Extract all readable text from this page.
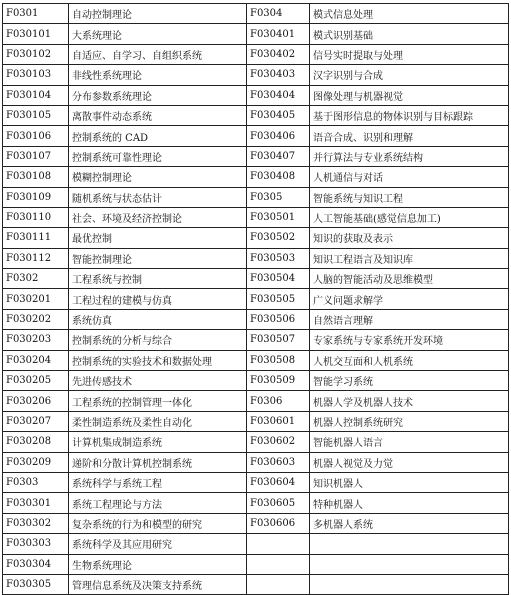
F0301	自动控制理论	F0304	模式信息处理
F030101	大系统理论	F030401	模式识别基础
F030102	自适应、自学习、自组织系统	F030402	信号实时提取与处理
F030103	非线性系统理论	F030403	汉字识别与合成
F030104	分布参数系统理论	F030404	图像处理与机器视觉
F030105	离散事件动态系统	F030405	基于图形信息的物体识别与目标跟踪
F030106	控制系统的 CAD	F030406	语音合成、识别和理解
F030107	控制系统可靠性理论	F030407	并行算法与专业系统结构
F030108	模糊控制理论	F030408	人机通信与对话
F030109	随机系统与状态估计	F0305	智能系统与知识工程
F030110	社会、环境及经济控制论	F030501	人工智能基础(感觉信息加工)
F030111	最优控制	F030502	知识的获取及表示
F030112	智能控制理论	F030503	知识工程语言及知识库
F0302	工程系统与控制	F030504	人脑的智能活动及思维模型
F030201	工程过程的建模与仿真	F030505	广义问题求解学
F030202	系统仿真	F030506	自然语言理解
F030203	控制系统的分析与综合	F030507	专家系统与专家系统开发环境
F030204	控制系统的实验技术和数据处理	F030508	人机交互面和人机系统
F030205	先进传感技术	F030509	智能学习系统
F030206	工程系统的控制管理一体化	F0306	机器人学及机器人技术
F030207	柔性制造系统及柔性自动化	F030601	机器人控制系统研究
F030208	计算机集成制造系统	F030602	智能机器人语言
F030209	递阶和分散计算机控制系统	F030603	机器人视觉及力觉
F0303	系统科学与系统工程	F030604	知识机器人
F030301	系统工程理论与方法	F030605	特种机器人
F030302	复杂系统的行为和模型的研究	F030606	多机器人系统
F030303	系统科学及其应用研究		
F030304	生物系统理论		
F030305	管理信息系统及决策支持系统		
